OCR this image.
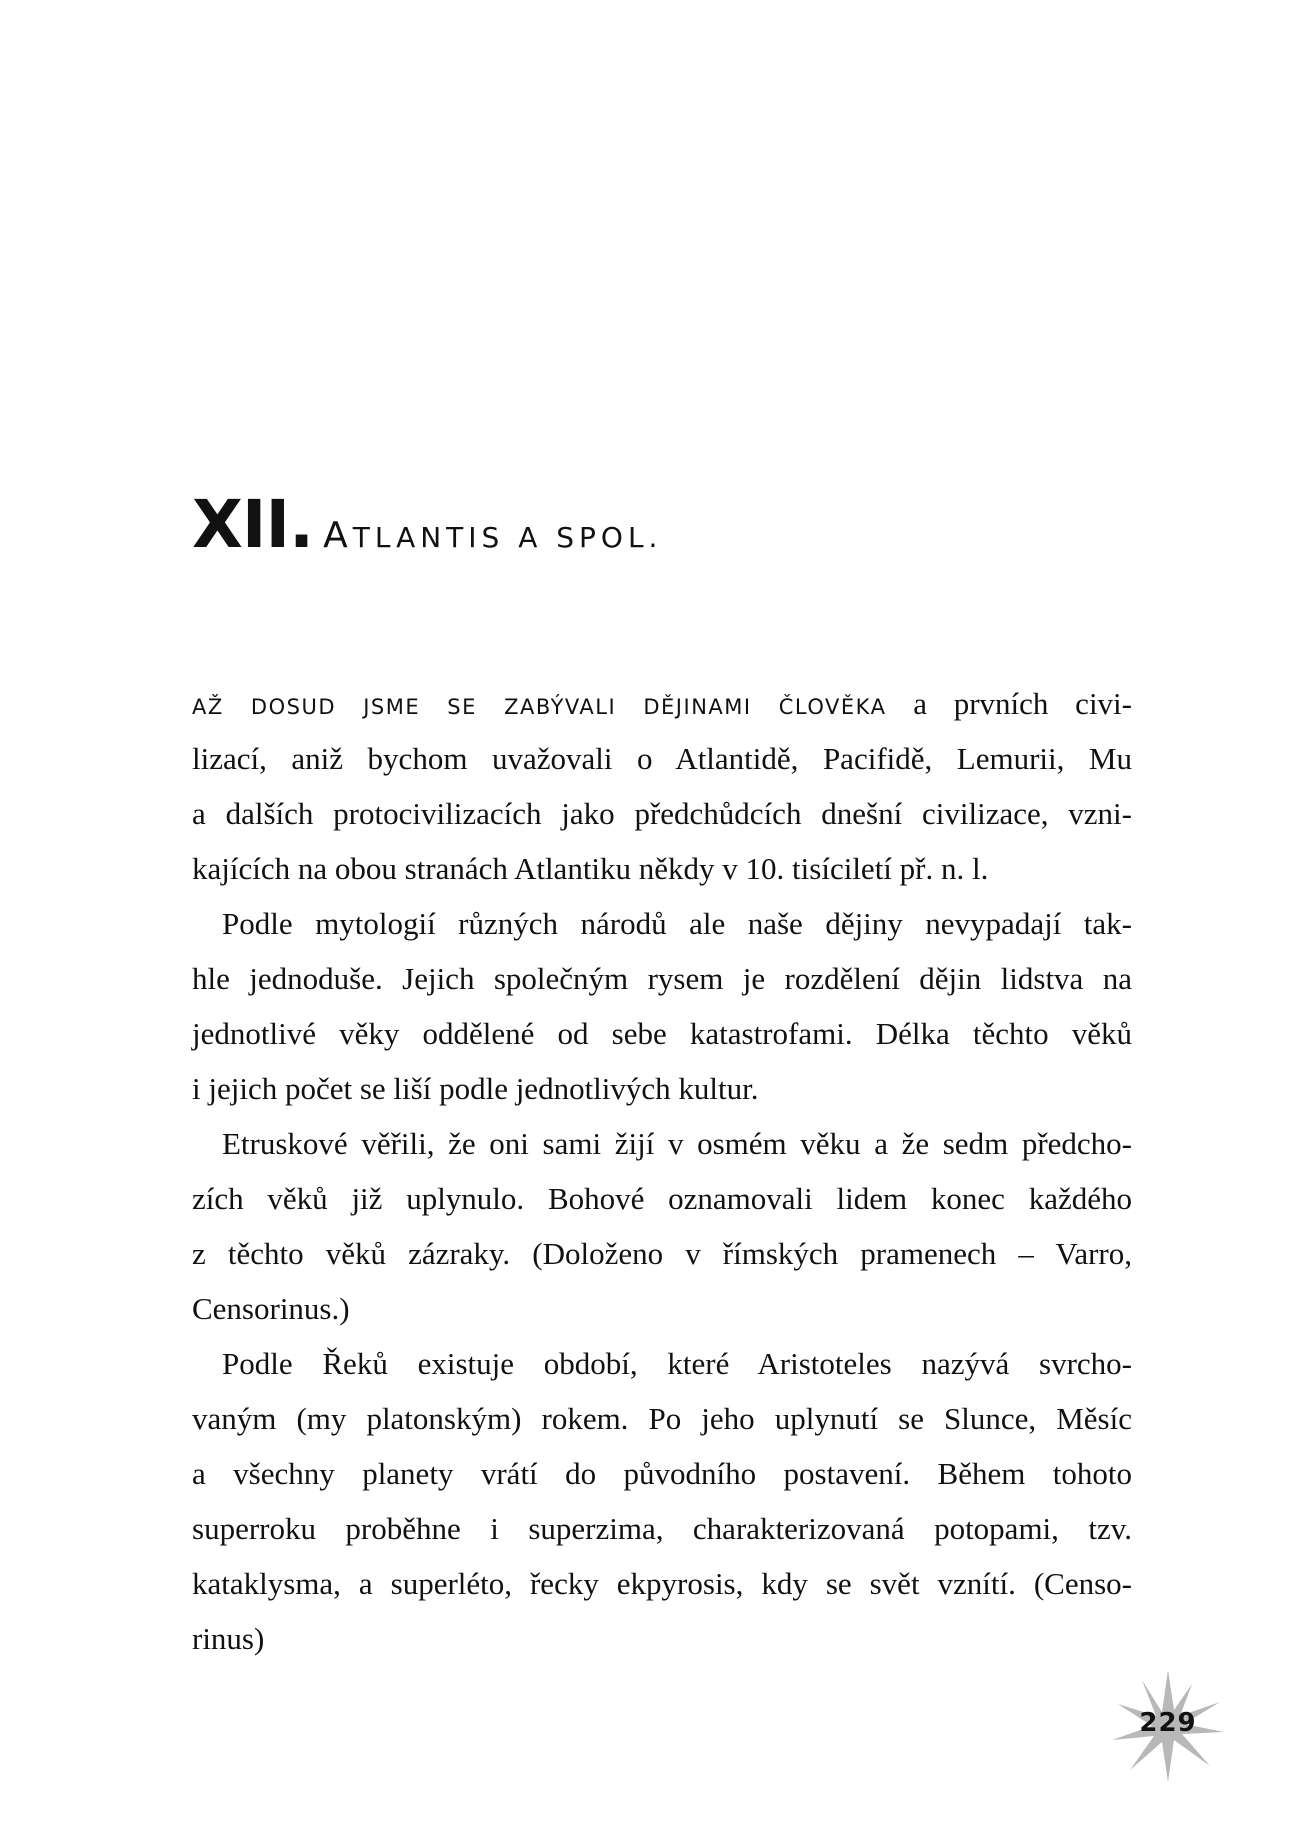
XII. ATLANTIS A SPOL.
AŽ DOSUD JSME SE ZABÝVALI DĚJINAMI ČLOVĚKA a prvních civi-
lizací, aniž bychom uvažovali o Atlantidě, Pacifidě, Lemurii, Mu
a dalších protocivilizacích jako předchůdcích dnešní civilizace, vzni-
kajících na obou stranách Atlantiku někdy v 10. tisíciletí př. n. l.
Podle mytologií různých národů ale naše dějiny nevypadají tak-
hle jednoduše. Jejich společným rysem je rozdělení dějin lidstva na
jednotlivé věky oddělené od sebe katastrofami. Délka těchto věků
i jejich počet se liší podle jednotlivých kultur.
Etruskové věřili, že oni sami žijí v osmém věku a že sedm předcho-
zích věků již uplynulo. Bohové oznamovali lidem konec každého
z těchto věků zázraky. (Doloženo v římských pramenech – Varro,
Censorinus.)
Podle Řeků existuje období, které Aristoteles nazývá svrcho-
vaným (my platonským) rokem. Po jeho uplynutí se Slunce, Měsíc
a všechny planety vrátí do původního postavení. Během tohoto
superroku proběhne i superzima, charakterizovaná potopami, tzv.
kataklysma, a superléto, řecky ekpyrosis, kdy se svět vznítí. (Censo-
rinus)
229
